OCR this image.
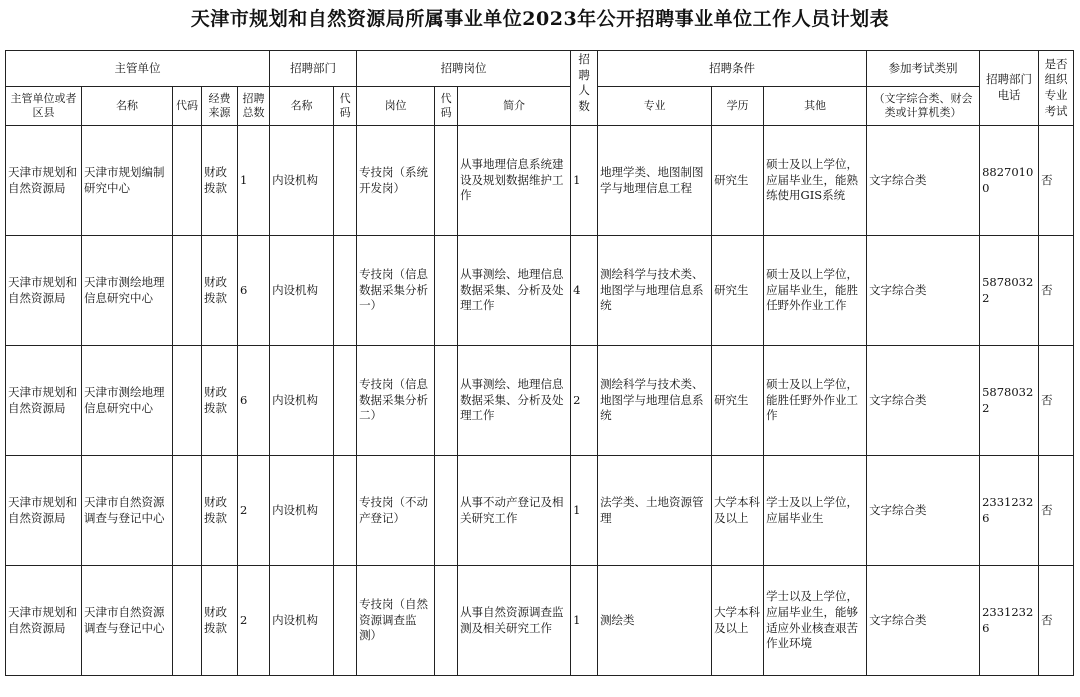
天津市规划和自然资源局所属事业单位2023年公开招聘事业单位工作人员计划表
主管单位					招聘部门		招聘岗位			招聘人数	招聘条件			参加考试类别	招聘部门电话	是否组织专业考试
主管单位或者区县	名称	代码	经费来源	招聘总数	名称	代码	岗位	代码	简介		专业	学历	其他	（文字综合类、财会类或计算机类）		
天津市规划和自然资源局	天津市规划编制研究中心		财政拨款	1	内设机构		专技岗（系统开发岗）		从事地理信息系统建设及规划数据维护工作	1	地理学类、地图制图学与地理信息工程	研究生	硕士及以上学位，应届毕业生，能熟练使用GIS系统	文字综合类	88270100	否
天津市规划和自然资源局	天津市测绘地理信息研究中心		财政拨款	6	内设机构		专技岗（信息数据采集分析一）		从事测绘、地理信息数据采集、分析及处理工作	4	测绘科学与技术类、地图学与地理信息系统	研究生	硕士及以上学位，应届毕业生，能胜任野外作业工作	文字综合类	58780322	否
天津市规划和自然资源局	天津市测绘地理信息研究中心		财政拨款	6	内设机构		专技岗（信息数据采集分析二）		从事测绘、地理信息数据采集、分析及处理工作	2	测绘科学与技术类、地图学与地理信息系统	研究生	硕士及以上学位，能胜任野外作业工作	文字综合类	58780322	否
天津市规划和自然资源局	天津市自然资源调查与登记中心		财政拨款	2	内设机构		专技岗（不动产登记）		从事不动产登记及相关研究工作	1	法学类、土地资源管理	大学本科及以上	学士及以上学位，应届毕业生	文字综合类	23312326	否
天津市规划和自然资源局	天津市自然资源调查与登记中心		财政拨款	2	内设机构		专技岗（自然资源调查监测）		从事自然资源调查监测及相关研究工作	1	测绘类	大学本科及以上	学士以及上学位，应届毕业生，能够适应外业核查艰苦作业环境	文字综合类	23312326	否
